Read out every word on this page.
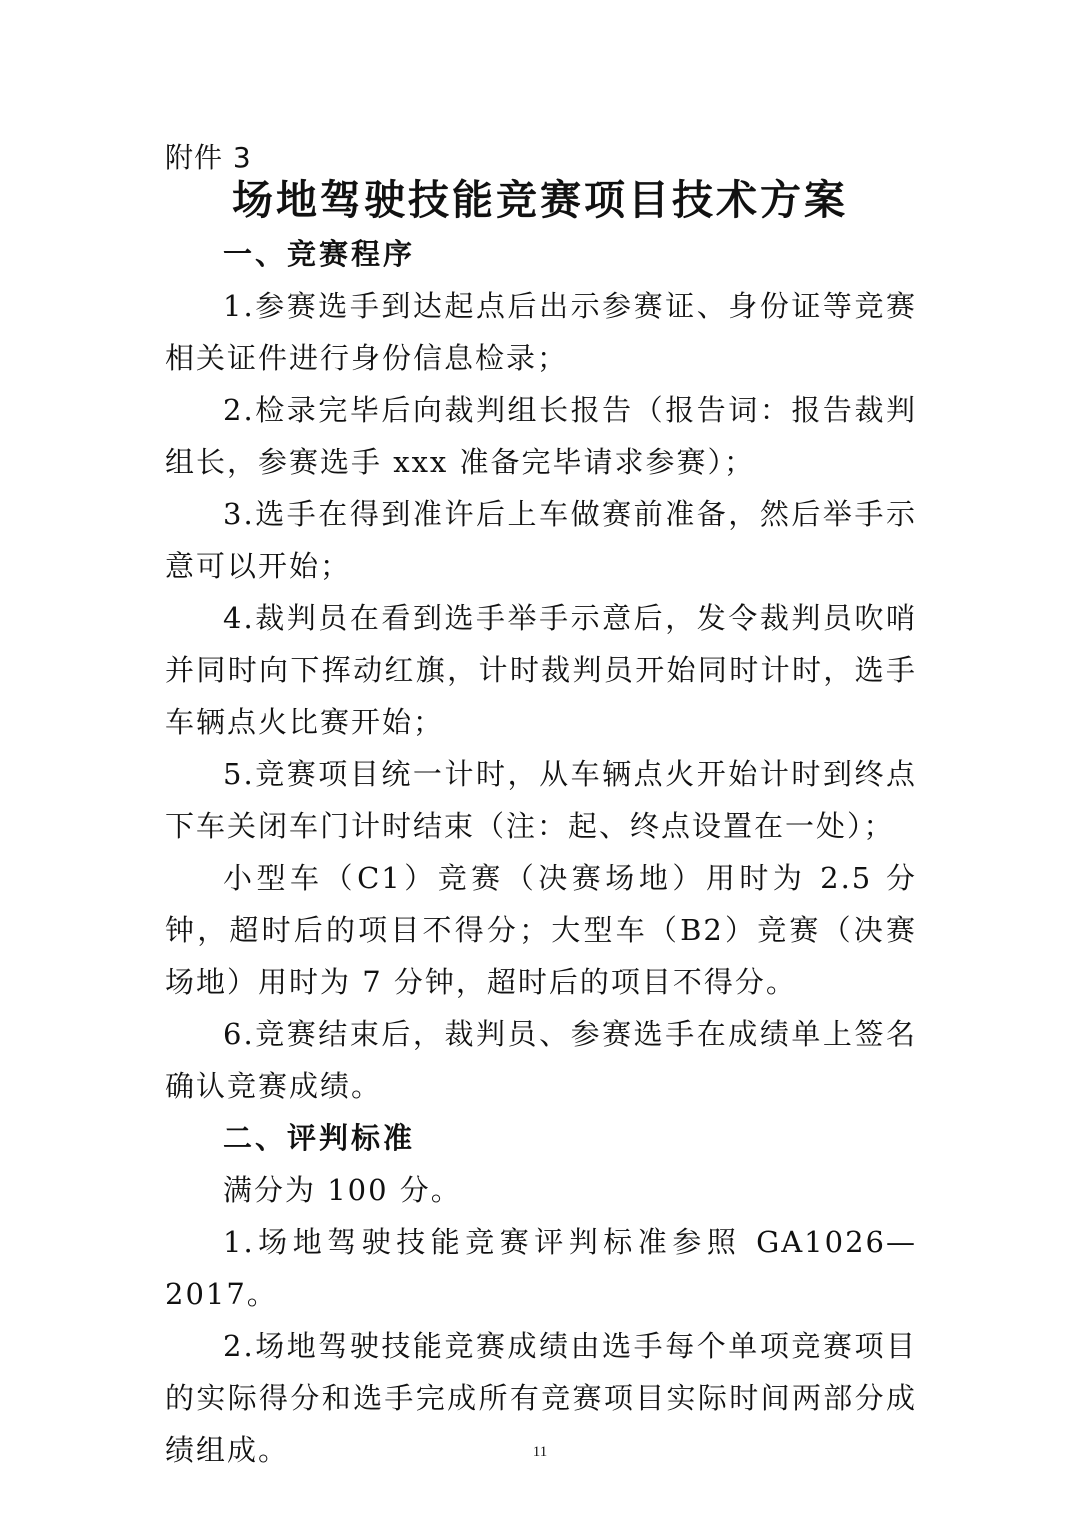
附件 3
场地驾驶技能竞赛项目技术方案

一、竞赛程序

1.参赛选手到达起点后出示参赛证、身份证等竞赛相关证件进行身份信息检录；

2.检录完毕后向裁判组长报告（报告词：报告裁判组长，参赛选手 xxx 准备完毕请求参赛）；

3.选手在得到准许后上车做赛前准备，然后举手示意可以开始；

4.裁判员在看到选手举手示意后，发令裁判员吹哨并同时向下挥动红旗，计时裁判员开始同时计时，选手车辆点火比赛开始；

5.竞赛项目统一计时，从车辆点火开始计时到终点下车关闭车门计时结束（注：起、终点设置在一处）；

小型车（C1）竞赛（决赛场地）用时为 2.5 分钟，超时后的项目不得分；大型车（B2）竞赛（决赛场地）用时为 7 分钟，超时后的项目不得分。

6.竞赛结束后，裁判员、参赛选手在成绩单上签名确认竞赛成绩。

二、评判标准

满分为 100 分。

1.场地驾驶技能竞赛评判标准参照 GA1026—2017。

2.场地驾驶技能竞赛成绩由选手每个单项竞赛项目的实际得分和选手完成所有竞赛项目实际时间两部分成绩组成。	11
